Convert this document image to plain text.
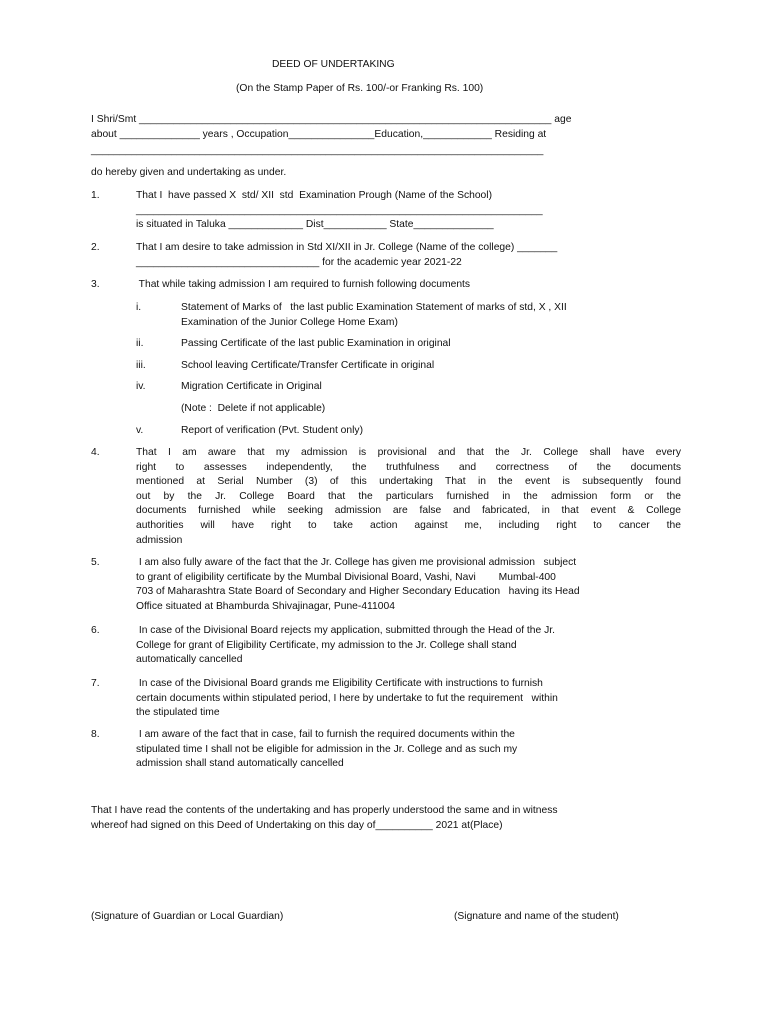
DEED OF UNDERTAKING
(On the Stamp Paper of Rs. 100/-or Franking Rs. 100)
I Shri/Smt ________________________________________________________________________ age
about ______________ years , Occupation_______________Education,____________ Residing at
_______________________________________________________________________________
do hereby given and undertaking as under.
1.	That I  have passed X  std/ XII  std  Examination Prough (Name of the School)
_______________________________________________________________________
is situated in Taluka _____________ Dist___________ State______________
2.	That I am desire to take admission in Std XI/XII in Jr. College (Name of the college) _______
________________________________ for the academic year 2021-22
3.	That while taking admission I am required to furnish following documents
i.	Statement of Marks of   the last public Examination Statement of marks of std, X , XII
Examination of the Junior College Home Exam)
ii.	Passing Certificate of the last public Examination in original
iii.	School leaving Certificate/Transfer Certificate in original
iv.	Migration Certificate in Original
(Note :  Delete if not applicable)
v.	Report of verification (Pvt. Student only)
4.	That I am aware that my admission is provisional and that the Jr. College shall have every
right to assesses independently, the truthfulness and correctness of the documents
mentioned at Serial Number (3) of this undertaking That in the event is subsequently found
out by the Jr. College Board that the particulars furnished in the admission form or the
documents furnished while seeking admission are false and fabricated, in that event & College
authorities will have right to take action against me, including right to cancer the
admission
5.	I am also fully aware of the fact that the Jr. College has given me provisional admission   subject
to grant of eligibility certificate by the Mumbal Divisional Board, Vashi, Navi        Mumbal-400
703 of Maharashtra State Board of Secondary and Higher Secondary Education   having its Head
Office situated at Bhamburda Shivajinagar, Pune-411004
6.	In case of the Divisional Board rejects my application, submitted through the Head of the Jr.
College for grant of Eligibility Certificate, my admission to the Jr. College shall stand
automatically cancelled
7.	In case of the Divisional Board grands me Eligibility Certificate with instructions to furnish
certain documents within stipulated period, I here by undertake to fut the requirement   within
the stipulated time
8.	I am aware of the fact that in case, fail to furnish the required documents within the
stipulated time I shall not be eligible for admission in the Jr. College and as such my
admission shall stand automatically cancelled
That I have read the contents of the undertaking and has properly understood the same and in witness
whereof had signed on this Deed of Undertaking on this day of__________ 2021 at(Place)
(Signature of Guardian or Local Guardian)	(Signature and name of the student)
